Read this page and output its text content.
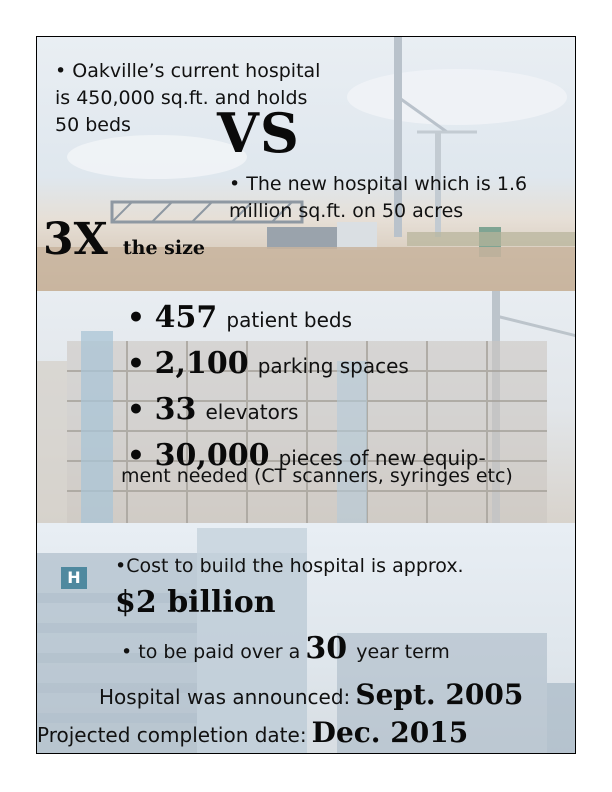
• Oakville’s current hospital
is 450,000 sq.ft. and holds
50 beds	VS
• The new hospital which is 1.6
million sq.ft. on 50 acres
3X the size
• 457 patient beds
• 2,100 parking spaces
• 33 elevators
• 30,000 pieces of new equip-
ment needed (CT scanners, syringes etc)
H
•Cost to build the hospital is approx.
$2 billion
• to be paid over a 30 year term
Hospital was announced: Sept. 2005
Projected completion date: Dec. 2015
